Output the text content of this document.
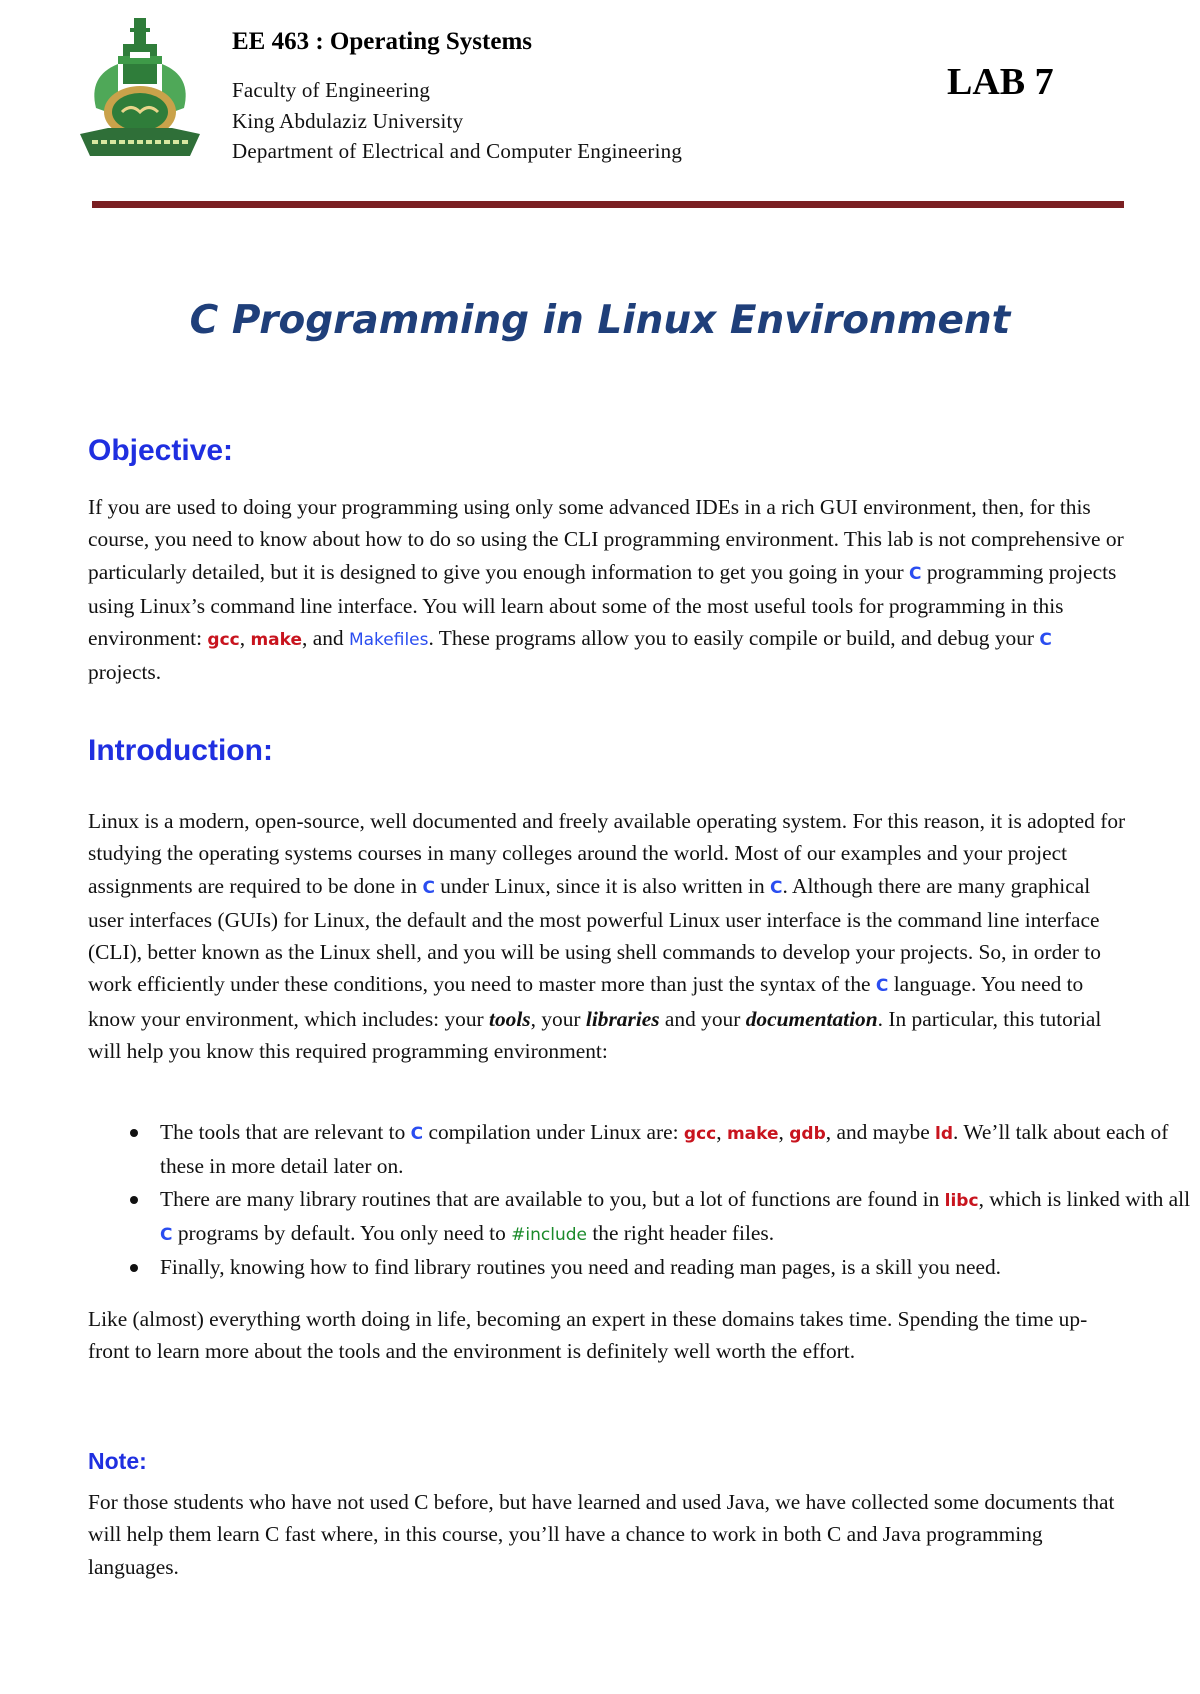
EE 463 : Operating Systems
Faculty of Engineering
King Abdulaziz University
Department of Electrical and Computer Engineering
LAB 7
C Programming in Linux Environment
Objective:
If you are used to doing your programming using only some advanced IDEs in a rich GUI environment, then, for this course, you need to know about how to do so using the CLI programming environment. This lab is not comprehensive or particularly detailed, but it is designed to give you enough information to get you going in your C programming projects using Linux’s command line interface. You will learn about some of the most useful tools for programming in this environment: gcc, make, and Makefiles. These programs allow you to easily compile or build, and debug your C projects.
Introduction:
Linux is a modern, open-source, well documented and freely available operating system. For this reason, it is adopted for studying the operating systems courses in many colleges around the world. Most of our examples and your project assignments are required to be done in C under Linux, since it is also written in C. Although there are many graphical user interfaces (GUIs) for Linux, the default and the most powerful Linux user interface is the command line interface (CLI), better known as the Linux shell, and you will be using shell commands to develop your projects. So, in order to work efficiently under these conditions, you need to master more than just the syntax of the C language. You need to know your environment, which includes: your tools, your libraries and your documentation. In particular, this tutorial will help you know this required programming environment:
The tools that are relevant to C compilation under Linux are: gcc, make, gdb, and maybe ld. We’ll talk about each of these in more detail later on.
There are many library routines that are available to you, but a lot of functions are found in libc, which is linked with all C programs by default. You only need to #include the right header files.
Finally, knowing how to find library routines you need and reading man pages, is a skill you need.
Like (almost) everything worth doing in life, becoming an expert in these domains takes time. Spending the time up-front to learn more about the tools and the environment is definitely well worth the effort.
Note:
For those students who have not used C before, but have learned and used Java, we have collected some documents that will help them learn C fast where, in this course, you’ll have a chance to work in both C and Java programming languages.
